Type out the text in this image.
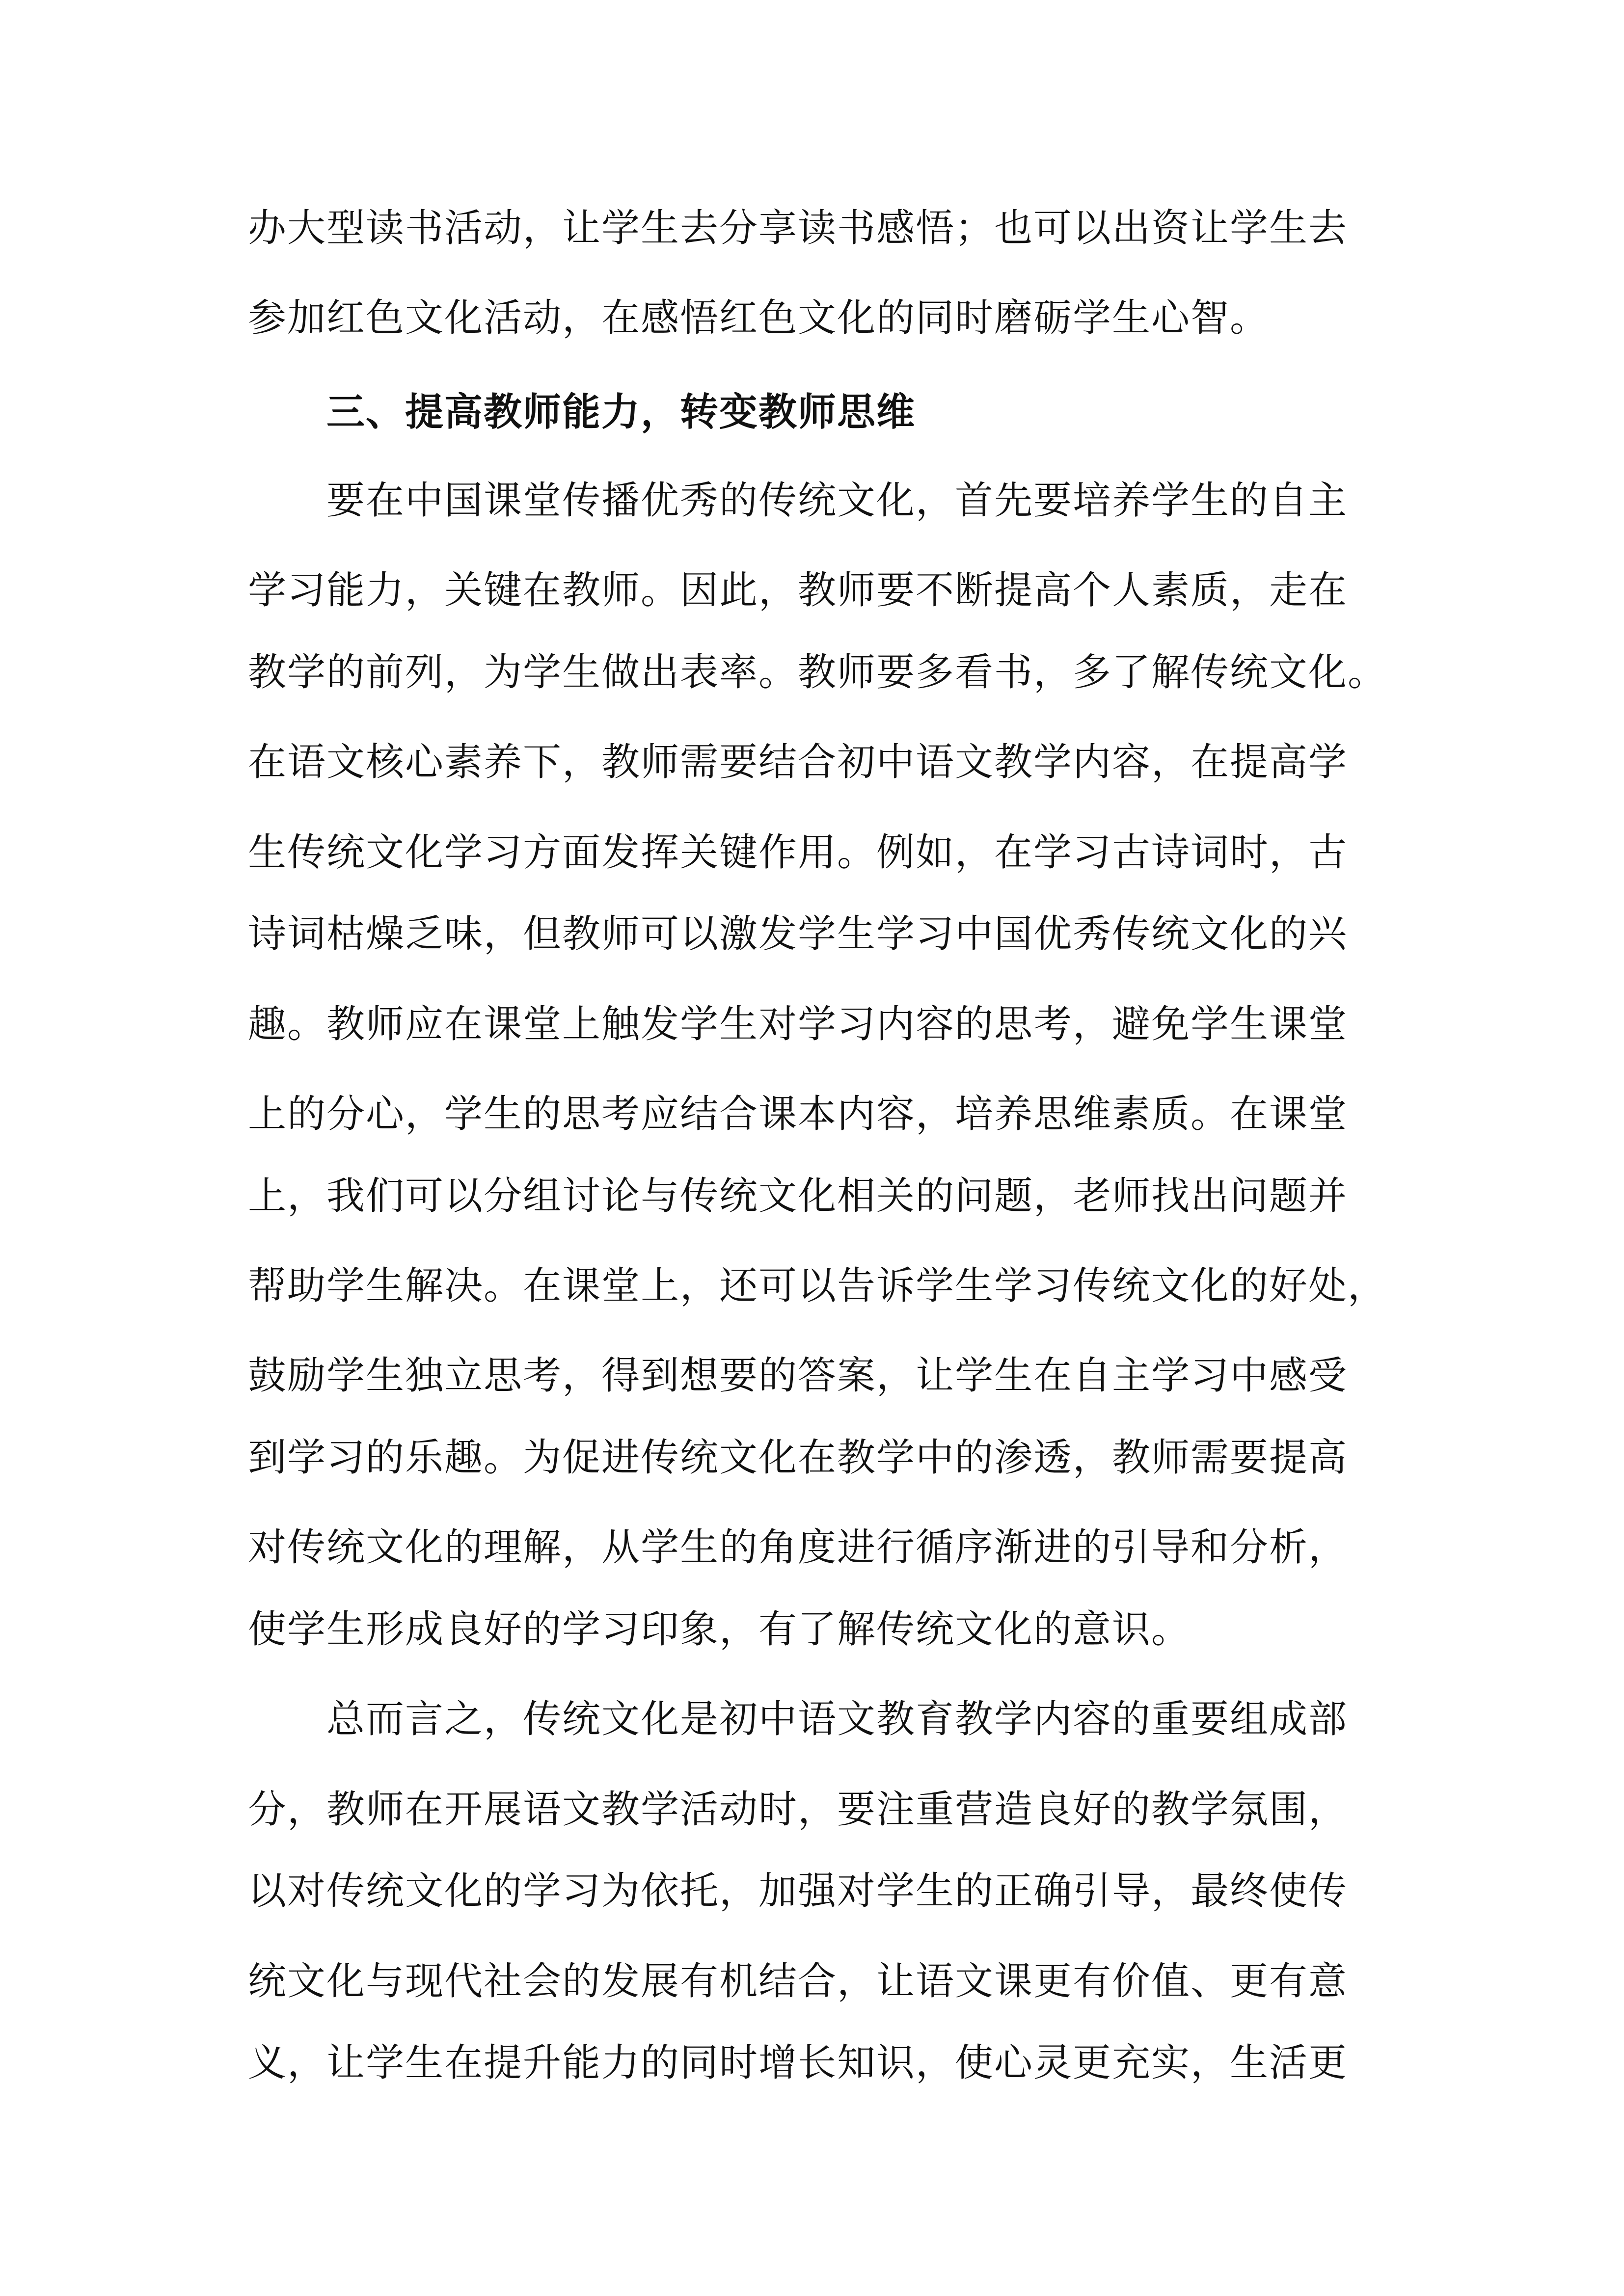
办大型读书活动，让学生去分享读书感悟；也可以出资让学生去
参加红色文化活动，在感悟红色文化的同时磨砺学生心智。
三、提高教师能力，转变教师思维
要在中国课堂传播优秀的传统文化，首先要培养学生的自主
学习能力，关键在教师。因此，教师要不断提高个人素质，走在
教学的前列，为学生做出表率。教师要多看书，多了解传统文化。
在语文核心素养下，教师需要结合初中语文教学内容，在提高学
生传统文化学习方面发挥关键作用。例如，在学习古诗词时，古
诗词枯燥乏味，但教师可以激发学生学习中国优秀传统文化的兴
趣。教师应在课堂上触发学生对学习内容的思考，避免学生课堂
上的分心，学生的思考应结合课本内容，培养思维素质。在课堂
上，我们可以分组讨论与传统文化相关的问题，老师找出问题并
帮助学生解决。在课堂上，还可以告诉学生学习传统文化的好处，
鼓励学生独立思考，得到想要的答案，让学生在自主学习中感受
到学习的乐趣。为促进传统文化在教学中的渗透，教师需要提高
对传统文化的理解，从学生的角度进行循序渐进的引导和分析，
使学生形成良好的学习印象，有了解传统文化的意识。
总而言之，传统文化是初中语文教育教学内容的重要组成部
分，教师在开展语文教学活动时，要注重营造良好的教学氛围，
以对传统文化的学习为依托，加强对学生的正确引导，最终使传
统文化与现代社会的发展有机结合，让语文课更有价值、更有意
义，让学生在提升能力的同时增长知识，使心灵更充实，生活更
